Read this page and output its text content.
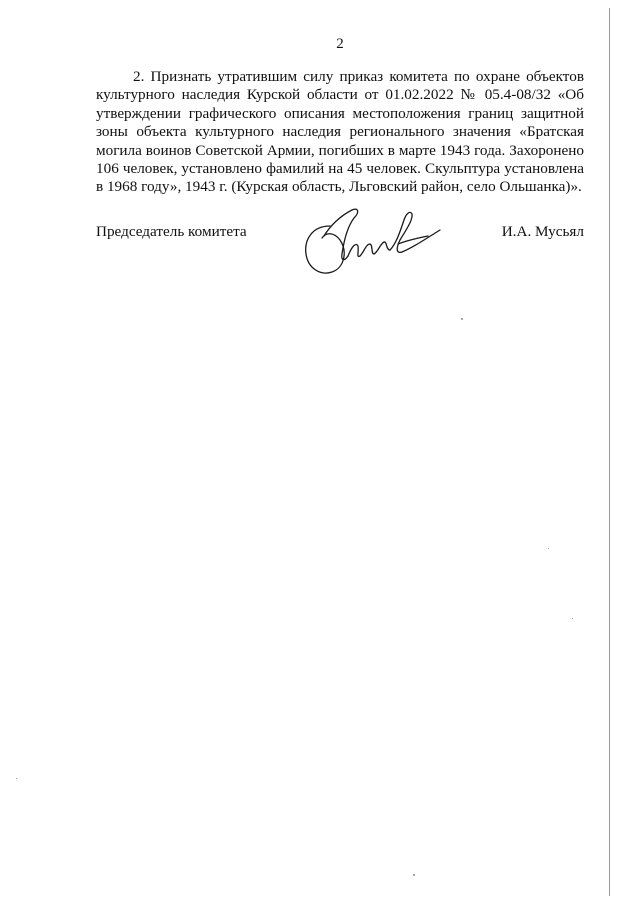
2

2. Признать утратившим силу приказ комитета по охране объектов культурного наследия Курской области от 01.02.2022 № 05.4-08/32 «Об утверждении графического описания местоположения границ защитной зоны объекта культурного наследия регионального значения «Братская могила воинов Советской Армии, погибших в марте 1943 года. Захоронено 106 человек, установлено фамилий на 45 человек. Скульптура установлена в 1968 году», 1943 г. (Курская область, Льговский район, село Ольшанка)».

Председатель комитета	И.А. Мусьял
